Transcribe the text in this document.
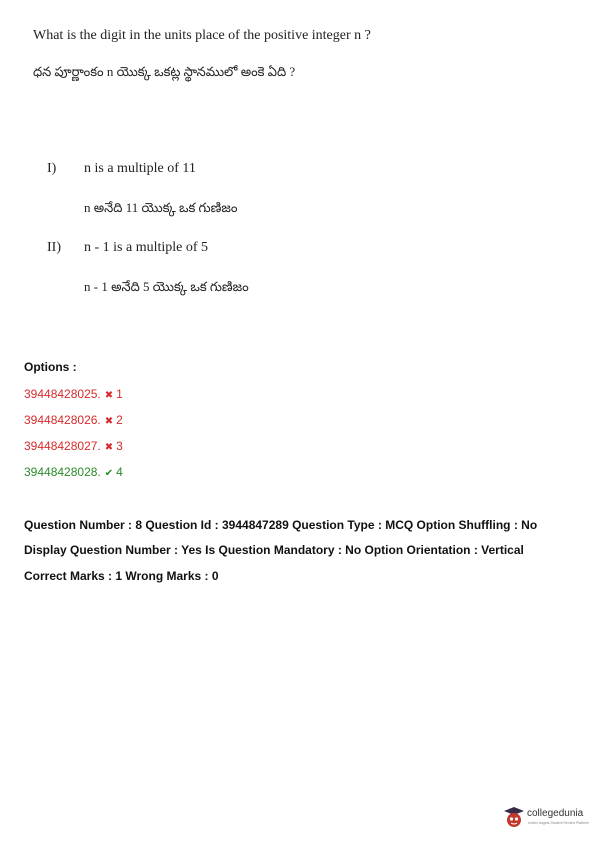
What is the digit in the units place of the positive integer n ?
ధన పూర్ణాంకం n యొక్క ఒకట్ల స్థానములో అంకె ఏది ?
I) n is a multiple of 11
n అనేది 11 యొక్క ఒక గుణిజం
II) n - 1 is a multiple of 5
n - 1 అనేది 5 యొక్క ఒక గుణిజం
Options :
39448428025. ✖ 1
39448428026. ✖ 2
39448428027. ✖ 3
39448428028. ✔ 4
Question Number : 8 Question Id : 3944847289 Question Type : MCQ Option Shuffling : No
Display Question Number : Yes Is Question Mandatory : No Option Orientation : Vertical
Correct Marks : 1 Wrong Marks : 0
collegedunia
India's largest Student Review Platform
